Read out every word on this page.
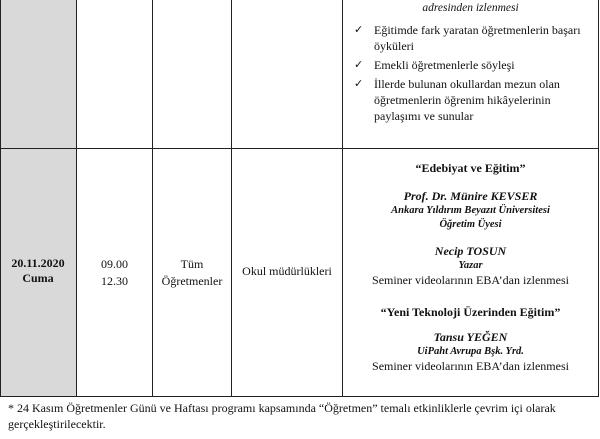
adresinden izlenmesi
✓ Eğitimde fark yaratan öğretmenlerin başarı öyküleri
✓ Emekli öğretmenlerle söyleşi
✓ İllerde bulunan okullardan mezun olan öğretmenlerin öğrenim hikâyelerinin paylaşımı ve sunular
20.11.2020
Cuma
09.00
12.30
Tüm Öğretmenler
Okul müdürlükleri
“Edebiyat ve Eğitim”
Prof. Dr. Münire KEVSER
Ankara Yıldırım Beyazıt Üniversitesi
Öğretim Üyesi
Necip TOSUN
Yazar
Seminer videolarının EBA’dan izlenmesi
“Yeni Teknoloji Üzerinden Eğitim”
Tansu YEĞEN
UiPaht Avrupa Bşk. Yrd.
Seminer videolarının EBA’dan izlenmesi
* 24 Kasım Öğretmenler Günü ve Haftası programı kapsamında “Öğretmen” temalı etkinliklerle çevrim içi olarak gerçekleştirilecektir.
